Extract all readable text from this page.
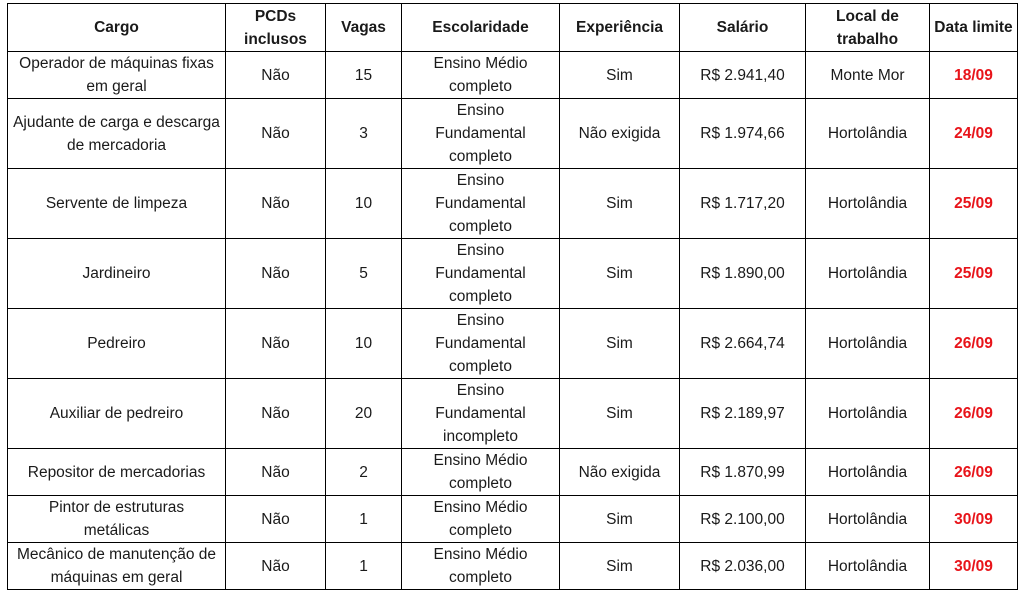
Cargo	PCDs inclusos	Vagas	Escolaridade	Experiência	Salário	Local de trabalho	Data limite
Operador de máquinas fixas em geral	Não	15	Ensino Médio completo	Sim	R$ 2.941,40	Monte Mor	18/09
Ajudante de carga e descarga de mercadoria	Não	3	Ensino Fundamental completo	Não exigida	R$ 1.974,66	Hortolândia	24/09
Servente de limpeza	Não	10	Ensino Fundamental completo	Sim	R$ 1.717,20	Hortolândia	25/09
Jardineiro	Não	5	Ensino Fundamental completo	Sim	R$ 1.890,00	Hortolândia	25/09
Pedreiro	Não	10	Ensino Fundamental completo	Sim	R$ 2.664,74	Hortolândia	26/09
Auxiliar de pedreiro	Não	20	Ensino Fundamental incompleto	Sim	R$ 2.189,97	Hortolândia	26/09
Repositor de mercadorias	Não	2	Ensino Médio completo	Não exigida	R$ 1.870,99	Hortolândia	26/09
Pintor de estruturas metálicas	Não	1	Ensino Médio completo	Sim	R$ 2.100,00	Hortolândia	30/09
Mecânico de manutenção de máquinas em geral	Não	1	Ensino Médio completo	Sim	R$ 2.036,00	Hortolândia	30/09
